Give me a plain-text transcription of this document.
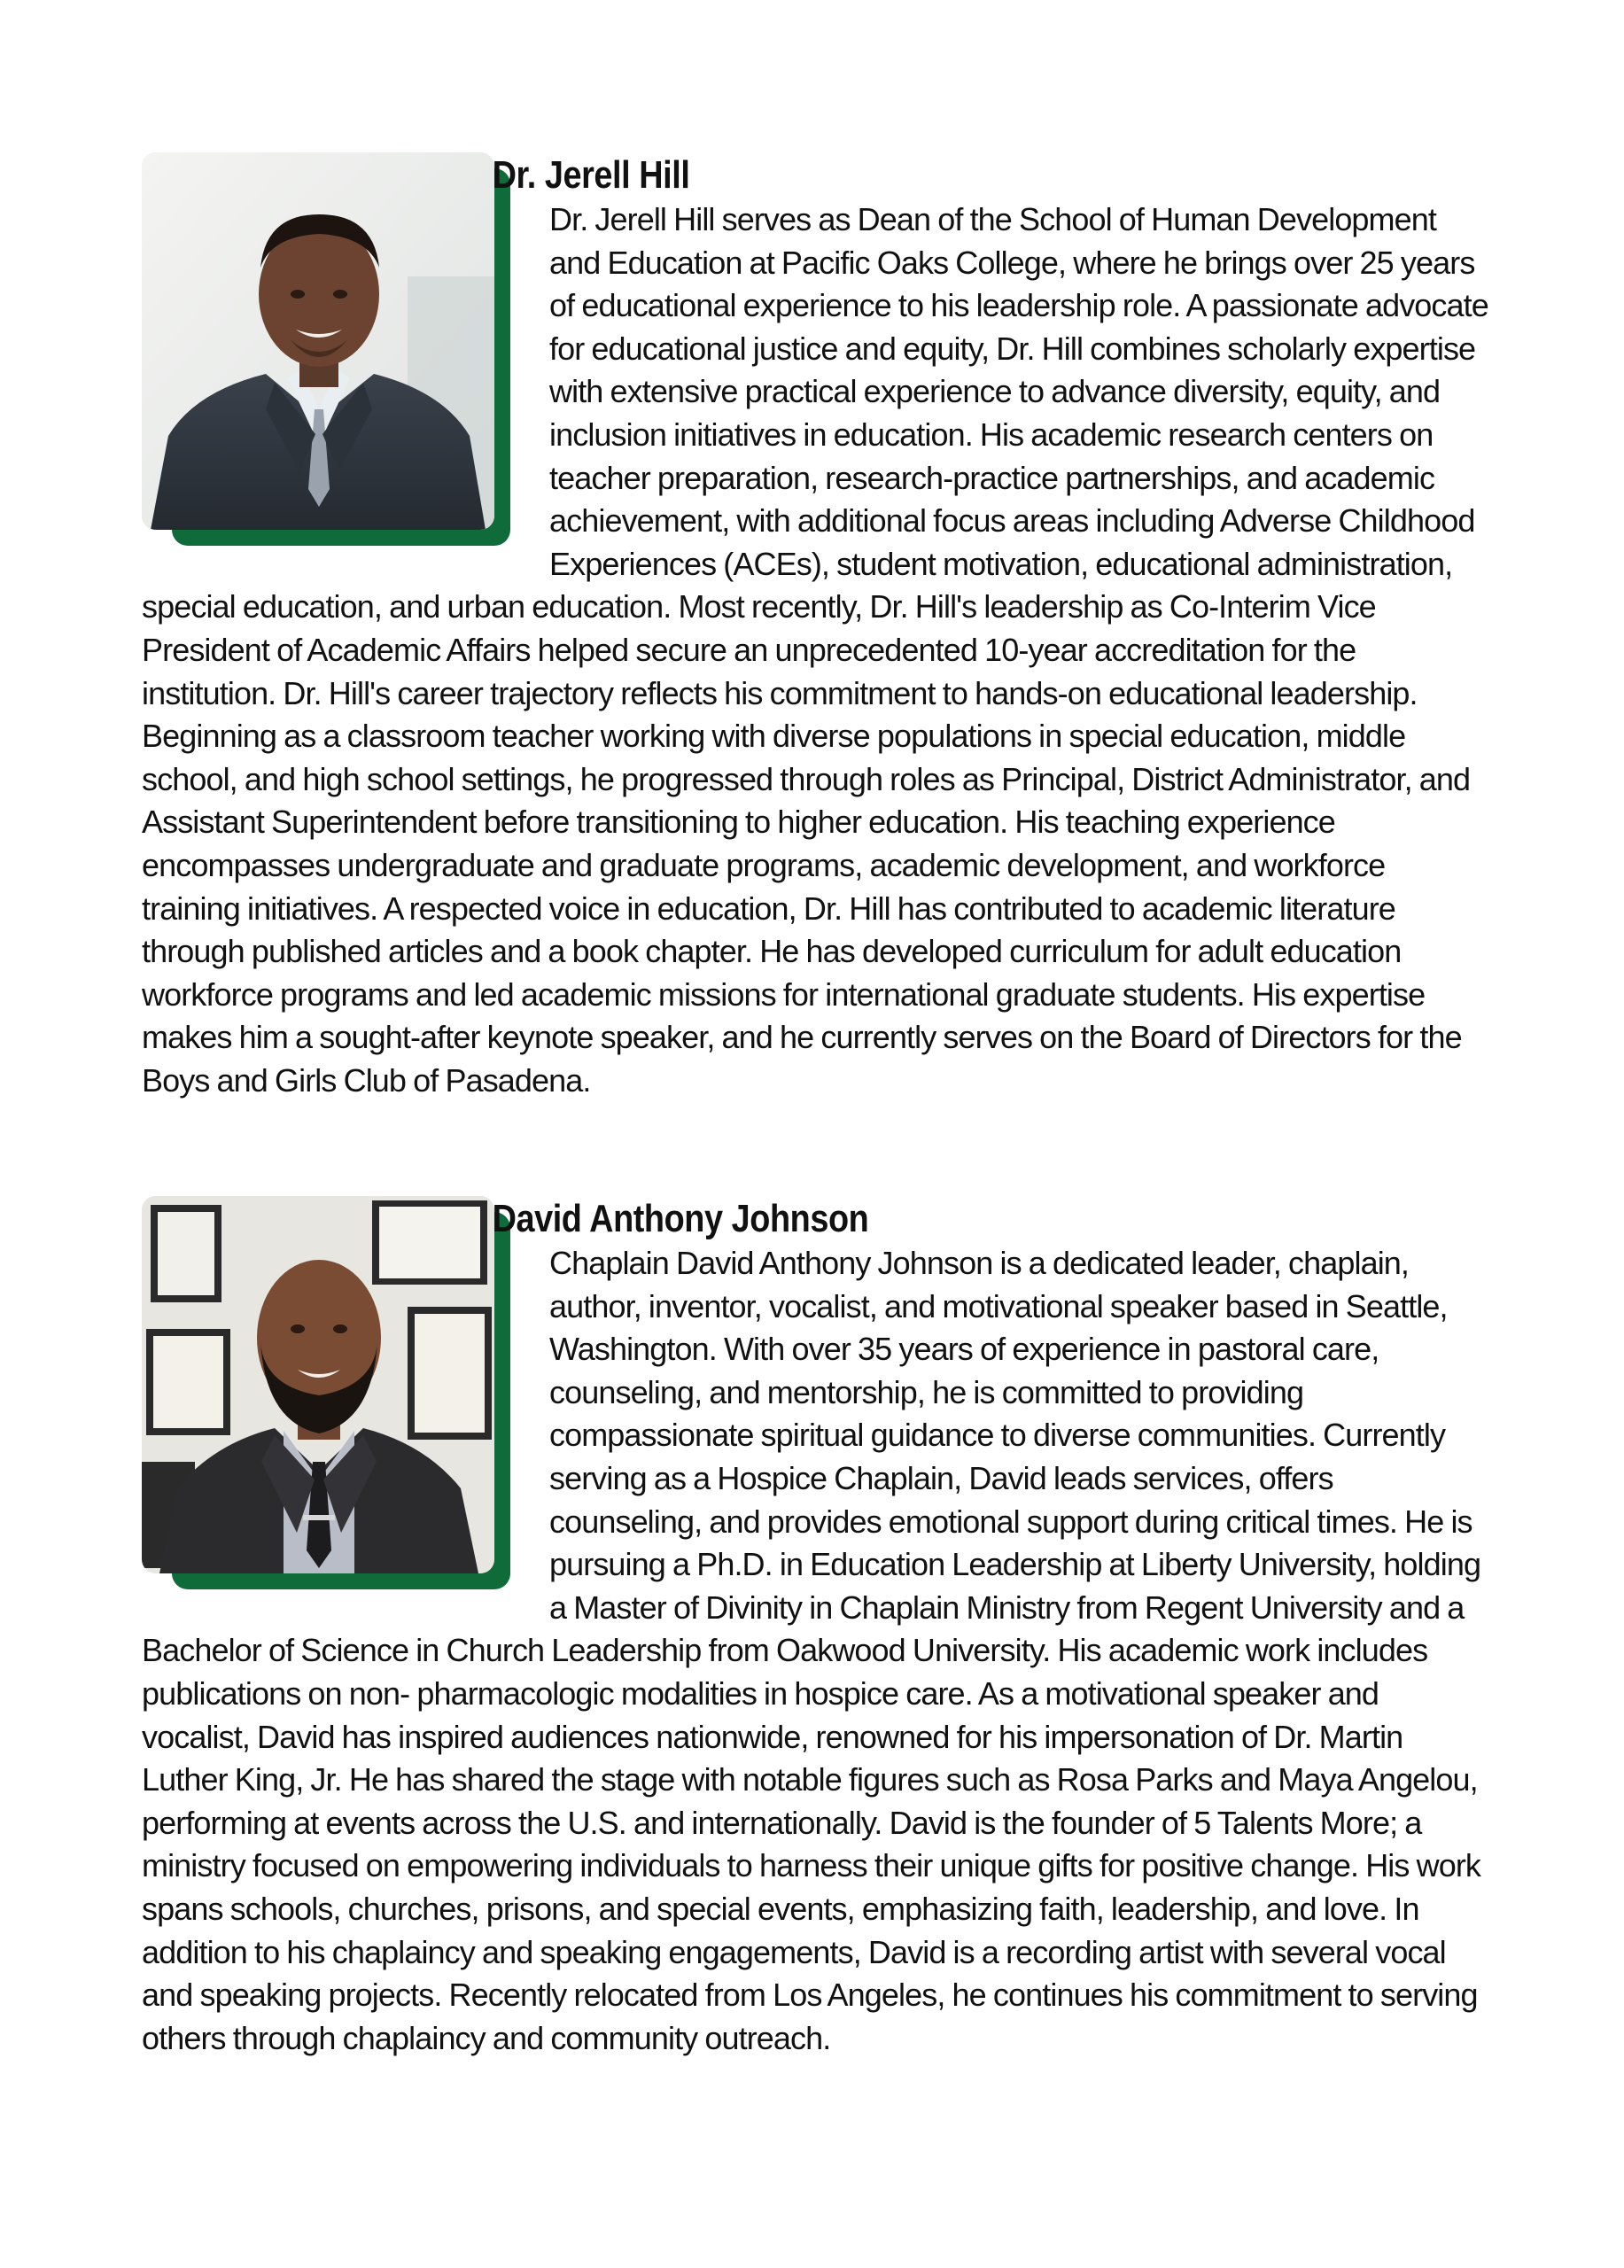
Dr. Jerell Hill

Dr. Jerell Hill serves as Dean of the School of Human Development and Education at Pacific Oaks College, where he brings over 25 years of educational experience to his leadership role. A passionate advocate for educational justice and equity, Dr. Hill combines scholarly expertise with extensive practical experience to advance diversity, equity, and inclusion initiatives in education. His academic research centers on teacher preparation, research-practice partnerships, and academic achievement, with additional focus areas including Adverse Childhood Experiences (ACEs), student motivation, educational administration, special education, and urban education. Most recently, Dr. Hill's leadership as Co-Interim Vice President of Academic Affairs helped secure an unprecedented 10-year accreditation for the institution. Dr. Hill's career trajectory reflects his commitment to hands-on educational leadership. Beginning as a classroom teacher working with diverse populations in special education, middle school, and high school settings, he progressed through roles as Principal, District Administrator, and Assistant Superintendent before transitioning to higher education. His teaching experience encompasses undergraduate and graduate programs, academic development, and workforce training initiatives. A respected voice in education, Dr. Hill has contributed to academic literature through published articles and a book chapter. He has developed curriculum for adult education workforce programs and led academic missions for international graduate students. His expertise makes him a sought-after keynote speaker, and he currently serves on the Board of Directors for the Boys and Girls Club of Pasadena.

David Anthony Johnson

Chaplain David Anthony Johnson is a dedicated leader, chaplain, author, inventor, vocalist, and motivational speaker based in Seattle, Washington. With over 35 years of experience in pastoral care, counseling, and mentorship, he is committed to providing compassionate spiritual guidance to diverse communities. Currently serving as a Hospice Chaplain, David leads services, offers counseling, and provides emotional support during critical times. He is pursuing a Ph.D. in Education Leadership at Liberty University, holding a Master of Divinity in Chaplain Ministry from Regent University and a Bachelor of Science in Church Leadership from Oakwood University. His academic work includes publications on non- pharmacologic modalities in hospice care. As a motivational speaker and vocalist, David has inspired audiences nationwide, renowned for his impersonation of Dr. Martin Luther King, Jr. He has shared the stage with notable figures such as Rosa Parks and Maya Angelou, performing at events across the U.S. and internationally. David is the founder of 5 Talents More; a ministry focused on empowering individuals to harness their unique gifts for positive change. His work spans schools, churches, prisons, and special events, emphasizing faith, leadership, and love. In addition to his chaplaincy and speaking engagements, David is a recording artist with several vocal and speaking projects. Recently relocated from Los Angeles, he continues his commitment to serving others through chaplaincy and community outreach.
